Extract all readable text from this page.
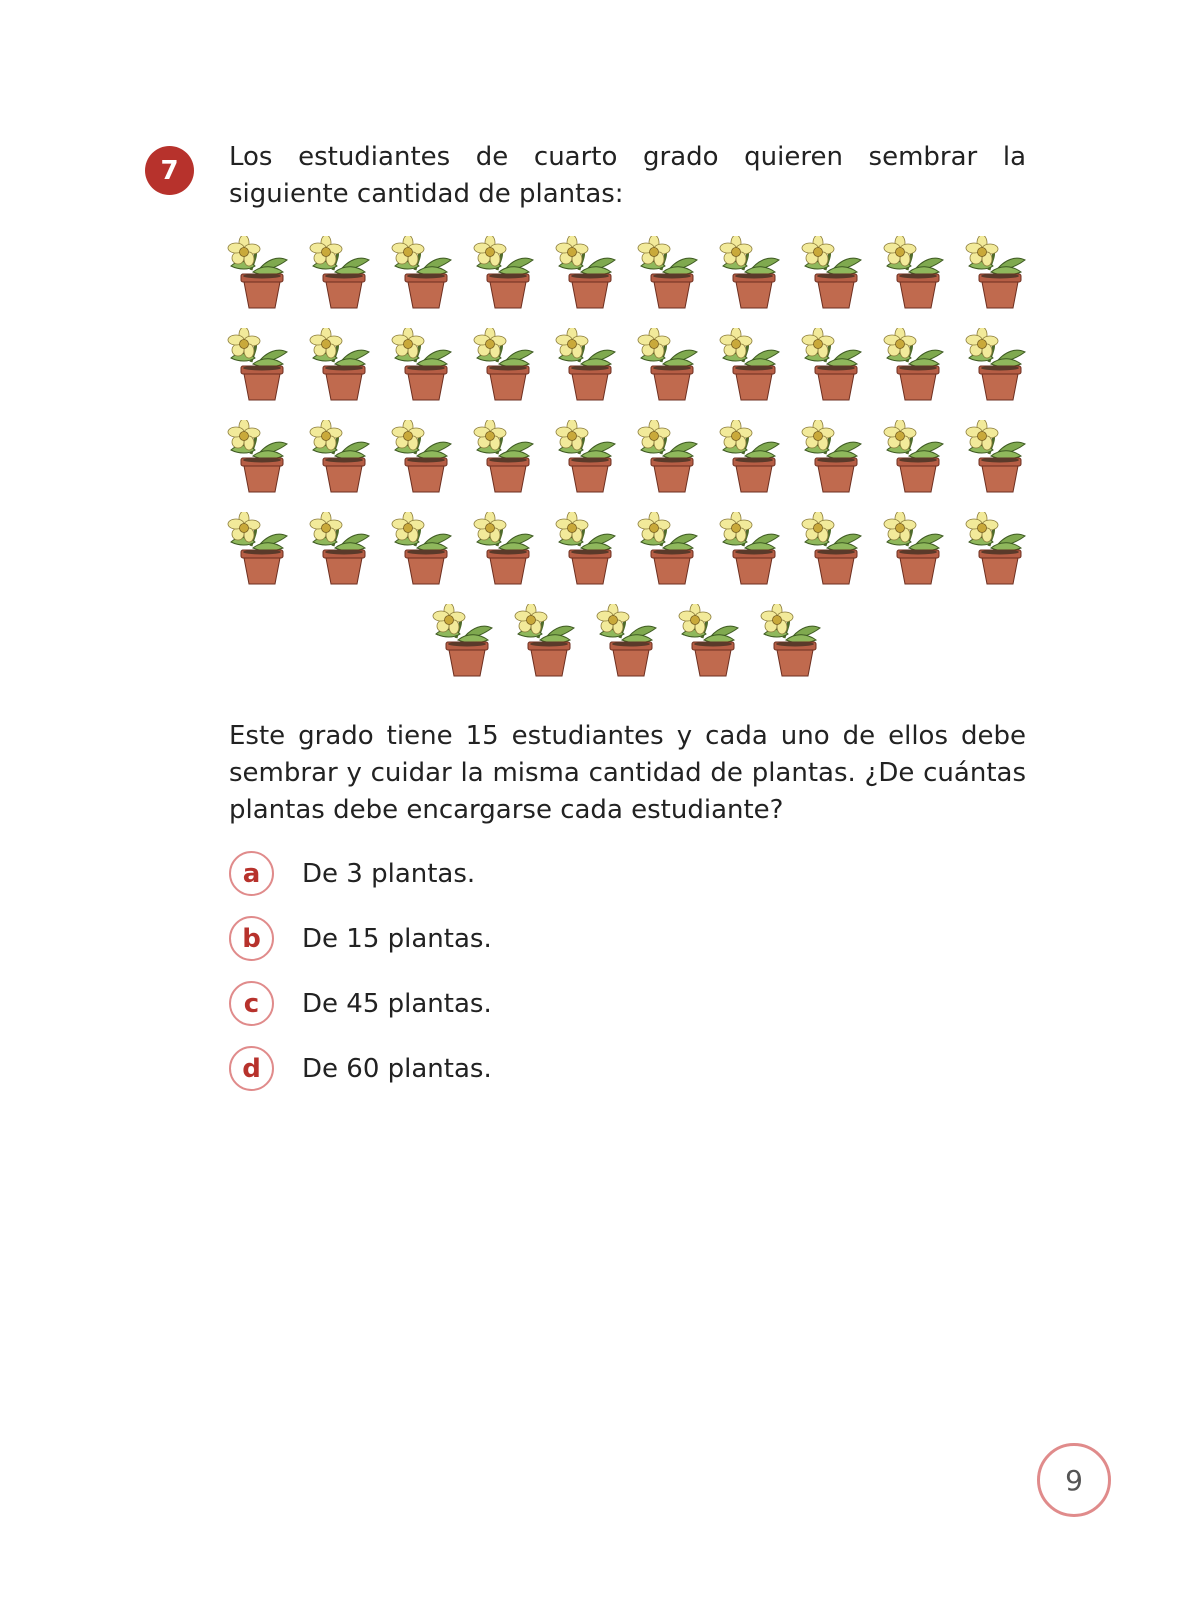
7	Los estudiantes de cuarto grado quieren sembrar la siguiente cantidad de plantas:
Este grado tiene 15 estudiantes y cada uno de ellos debe sembrar y cuidar la misma cantidad de plantas. ¿De cuántas plantas debe encargarse cada estudiante?
a	De 3 plantas.
b	De 15 plantas.
c	De 45 plantas.
d	De 60 plantas.
9
